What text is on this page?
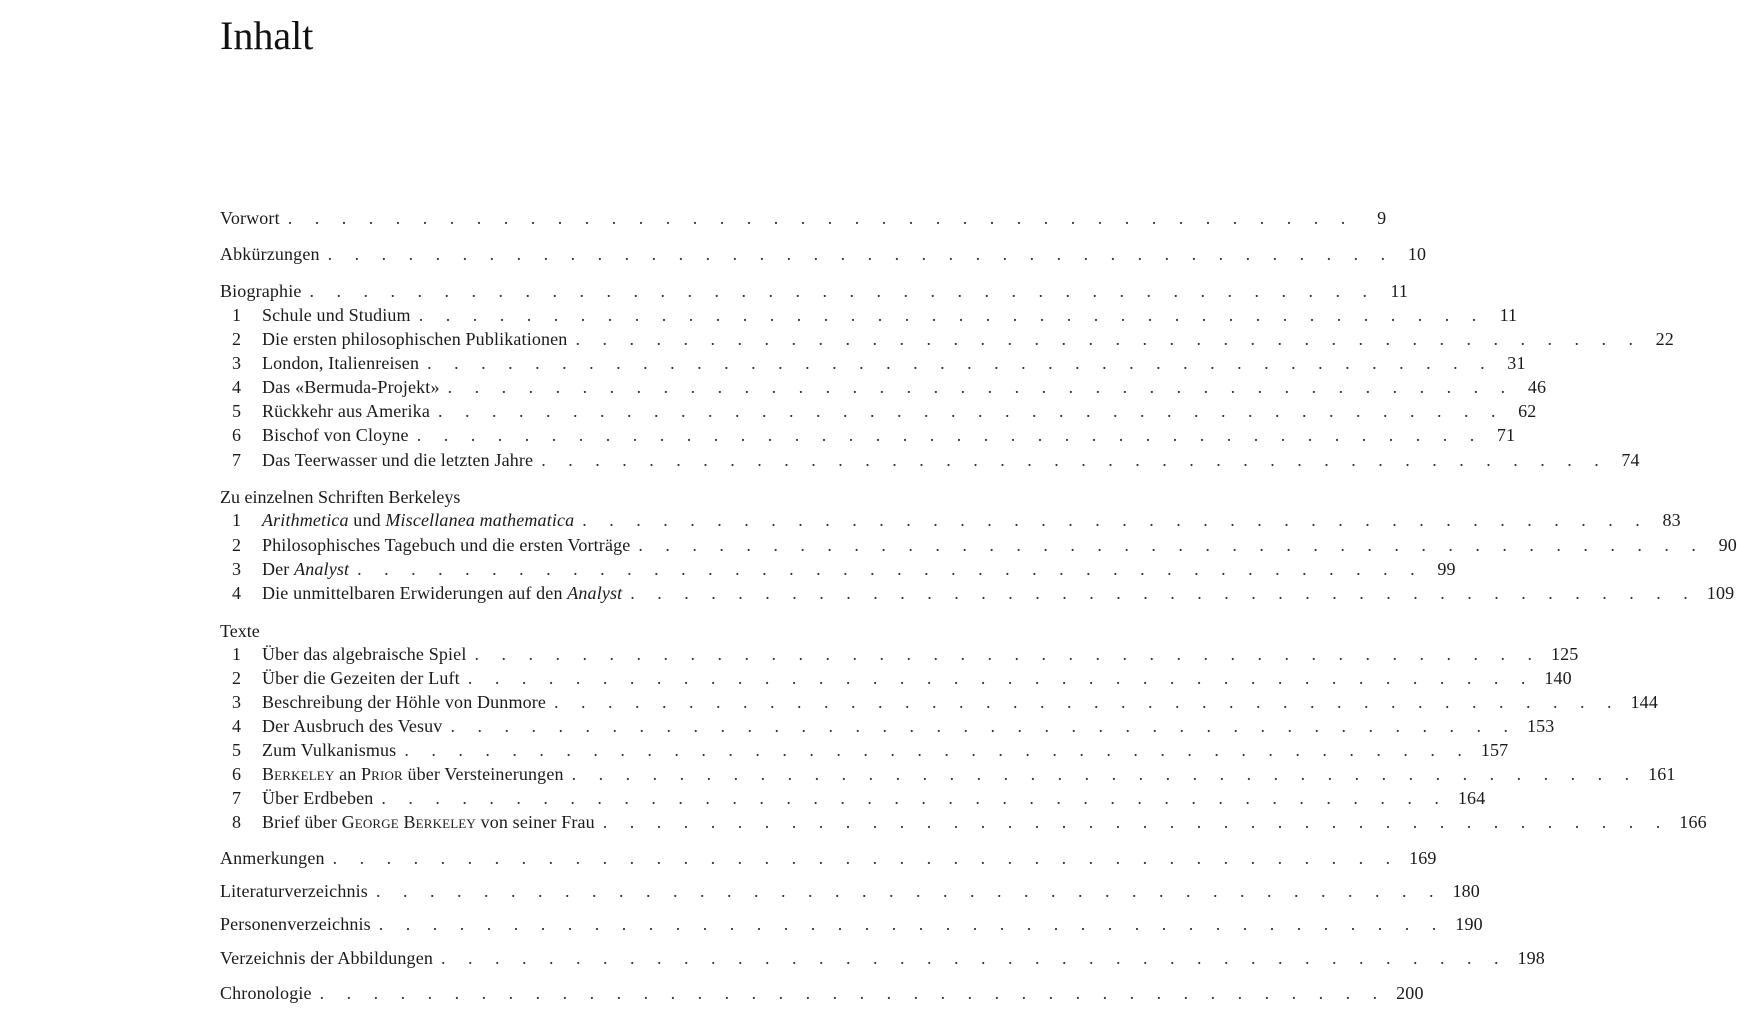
Inhalt
Vorwort . . . . . . . . . . . . . . . . . . . . . . . . . . . . . . . . . . . . . . . .	9
Abkürzungen . . . . . . . . . . . . . . . . . . . . . . . . . . . . . . . . . . . . . . . . 10
Biographie . . . . . . . . . . . . . . . . . . . . . . . . . . . . . . . . . . . . . . . . 11
1	Schule und Studium . . . . . . . . . . . . . . . . . . . . . . . . . . . . . . . . . . . . . . . . 11
2	Die ersten philosophischen Publikationen . . . . . . . . . . . . . . . . . . . . . . . . . . . . . . . . . . . . . . . . 22
3	London, Italienreisen . . . . . . . . . . . . . . . . . . . . . . . . . . . . . . . . . . . . . . . . 31
4	Das «Bermuda-Projekt» . . . . . . . . . . . . . . . . . . . . . . . . . . . . . . . . . . . . . . . . 46
5	Rückkehr aus Amerika . . . . . . . . . . . . . . . . . . . . . . . . . . . . . . . . . . . . . . . . 62
6	Bischof von Cloyne . . . . . . . . . . . . . . . . . . . . . . . . . . . . . . . . . . . . . . . . 71
7	Das Teerwasser und die letzten Jahre . . . . . . . . . . . . . . . . . . . . . . . . . . . . . . . . . . . . . . . . 74
Zu einzelnen Schriften Berkeleys
1	Arithmetica und Miscellanea mathematica . . . . . . . . . . . . . . . . . . . . . . . . . . . . . . . . . . . . . . . . 83
2	Philosophisches Tagebuch und die ersten Vorträge . . . . . . . . . . . . . . . . . . . . . . . . . . . . . . . . . . . . . . . . 90
3	Der Analyst . . . . . . . . . . . . . . . . . . . . . . . . . . . . . . . . . . . . . . . . 99
4	Die unmittelbaren Erwiderungen auf den Analyst . . . . . . . . . . . . . . . . . . . . . . . . . . . . . . . . . . . . . . . . 109
Texte
1	Über das algebraische Spiel . . . . . . . . . . . . . . . . . . . . . . . . . . . . . . . . . . . . . . . . 125
2	Über die Gezeiten der Luft . . . . . . . . . . . . . . . . . . . . . . . . . . . . . . . . . . . . . . . . 140
3	Beschreibung der Höhle von Dunmore . . . . . . . . . . . . . . . . . . . . . . . . . . . . . . . . . . . . . . . . 144
4	Der Ausbruch des Vesuv . . . . . . . . . . . . . . . . . . . . . . . . . . . . . . . . . . . . . . . . 153
5	Zum Vulkanismus . . . . . . . . . . . . . . . . . . . . . . . . . . . . . . . . . . . . . . . . 157
6	Berkeley an Prior über Versteinerungen . . . . . . . . . . . . . . . . . . . . . . . . . . . . . . . . . . . . . . . . 161
7	Über Erdbeben . . . . . . . . . . . . . . . . . . . . . . . . . . . . . . . . . . . . . . . . 164
8	Brief über George Berkeley von seiner Frau . . . . . . . . . . . . . . . . . . . . . . . . . . . . . . . . . . . . . . . . 166
Anmerkungen . . . . . . . . . . . . . . . . . . . . . . . . . . . . . . . . . . . . . . . . 169
Literaturverzeichnis . . . . . . . . . . . . . . . . . . . . . . . . . . . . . . . . . . . . . . . . 180
Personenverzeichnis . . . . . . . . . . . . . . . . . . . . . . . . . . . . . . . . . . . . . . . . 190
Verzeichnis der Abbildungen . . . . . . . . . . . . . . . . . . . . . . . . . . . . . . . . . . . . . . . . 198
Chronologie . . . . . . . . . . . . . . . . . . . . . . . . . . . . . . . . . . . . . . . . 200
